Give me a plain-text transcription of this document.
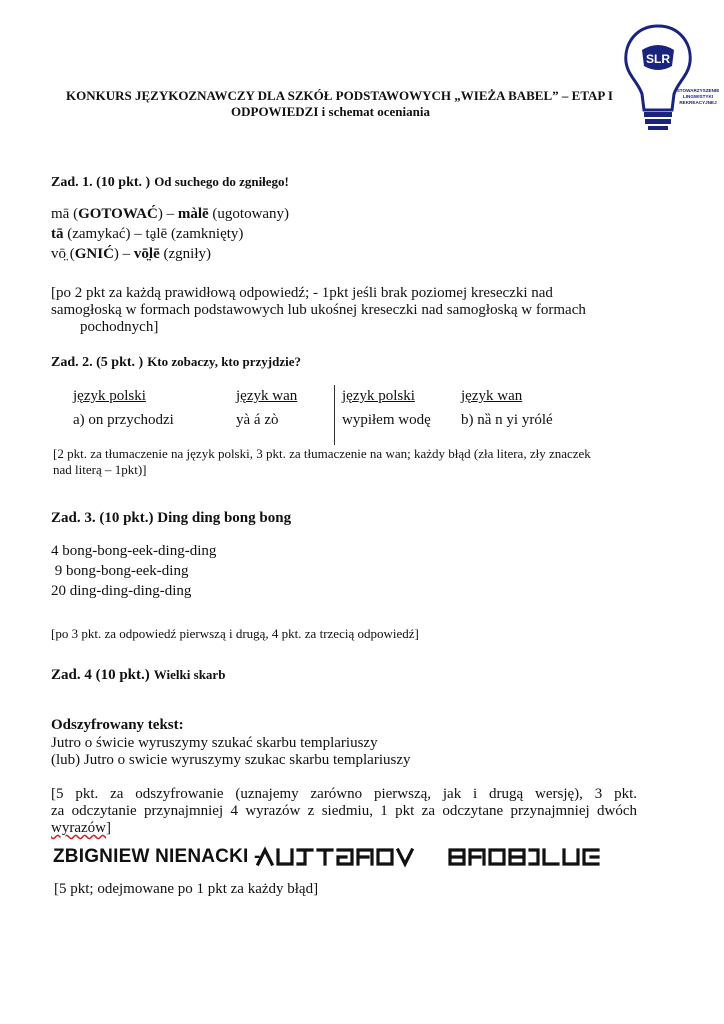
SLR
STOWARZYSZENIE
LINGWISTYKI
REKREACYJNEJ
KONKURS JĘZYKOZNAWCZY DLA SZKÓŁ PODSTAWOWYCH „WIEŻA BABEL” – ETAP I
ODPOWIEDZI i schemat oceniania
Zad. 1. (10 pkt. ) Od suchego do zgniłego!
mā (GOTOWAĆ) – màlē (ugotowany)
tā (zamykać) – tḁlē (zamknięty)
vō̤ (GNIĆ) – vō̤lē (zgniły)
[po 2 pkt za każdą prawidłową odpowiedź; - 1pkt jeśli brak poziomej kreseczki nad
samogłoską w formach podstawowych lub ukośnej kreseczki nad samogłoską w formach
pochodnych]
Zad. 2. (5 pkt. ) Kto zobaczy, kto przyjdzie?
język polski	język wan	język polski	język wan
a) on przychodzi	yà á zò	wypiłem wodę b) nȁ n yi yrólé
[2 pkt. za tłumaczenie na język polski, 3 pkt. za tłumaczenie na wan; każdy błąd (zła litera, zły znaczek
nad literą – 1pkt)]
Zad. 3. (10 pkt.) Ding ding bong bong
4 bong-bong-eek-ding-ding
9 bong-bong-eek-ding
20 ding-ding-ding-ding
[po 3 pkt. za odpowiedź pierwszą i drugą, 4 pkt. za trzecią odpowiedź]
Zad. 4 (10 pkt.) Wielki skarb
Odszyfrowany tekst:
Jutro o świcie wyruszymy szukać skarbu templariuszy
(lub) Jutro o swicie wyruszymy szukac skarbu templariuszy
[5 pkt. za odszyfrowanie (uznajemy zarówno pierwszą, jak i drugą wersję), 3 pkt.
za odczytanie przynajmniej 4 wyrazów z siedmiu, 1 pkt za odczytane przynajmniej dwóch
wyrazów]
ZBIGNIEW NIENACKI -
[5 pkt; odejmowane po 1 pkt za każdy błąd]
